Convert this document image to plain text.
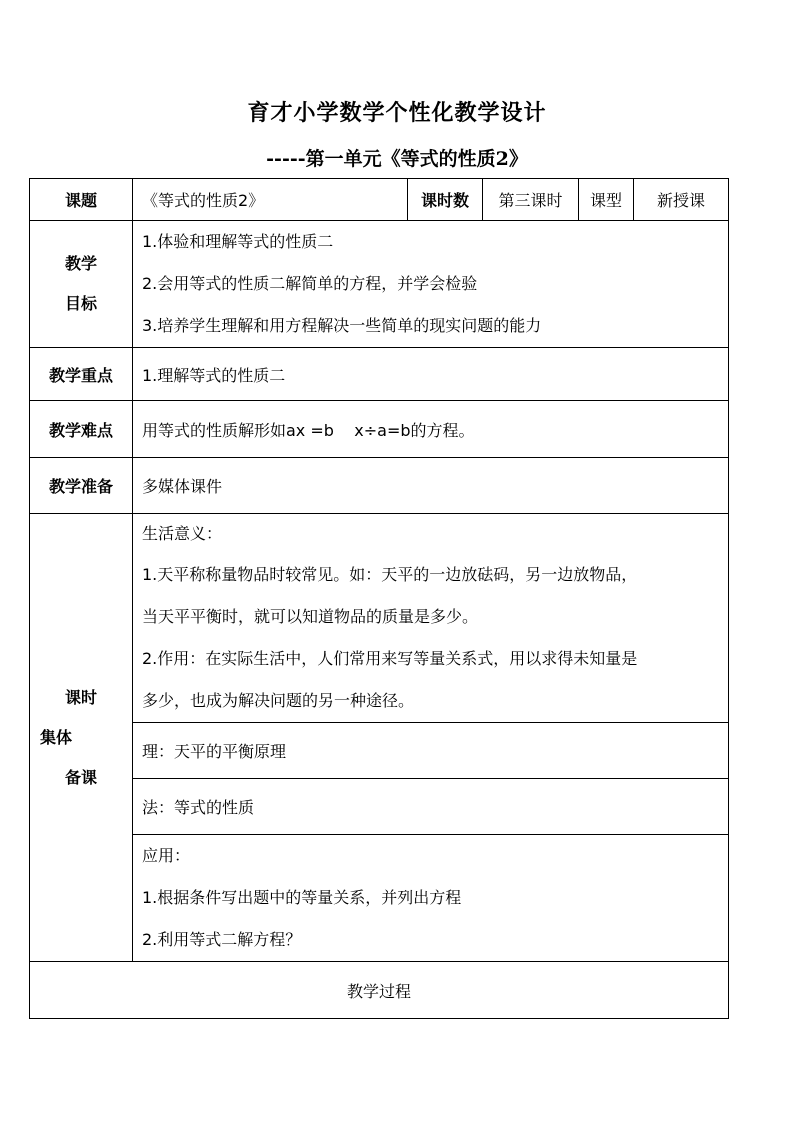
育才小学数学个性化教学设计
-----第一单元《等式的性质2》
课题	《等式的性质2》	课时数	第三课时	课型	新授课

教学
目标	1.体验和理解等式的性质二
2.会用等式的性质二解简单的方程，并学会检验
3.培养学生理解和用方程解决一些简单的现实问题的能力				

教学重点	1.理解等式的性质二				
教学难点	用等式的性质解形如ax =b    x÷a=b的方程。				
教学准备	多媒体课件				

课时
集体
备课	生活意义：
1.天平称称量物品时较常见。如：天平的一边放砝码，另一边放物品，
当天平平衡时，就可以知道物品的质量是多少。
2.作用：在实际生活中，人们常用来写等量关系式，用以求得未知量是
多少，也成为解决问题的另一种途径。				

	理：天平的平衡原理				
	法：等式的性质				

	应用：
1.根据条件写出题中的等量关系，并列出方程
2.利用等式二解方程？				

教学过程					
